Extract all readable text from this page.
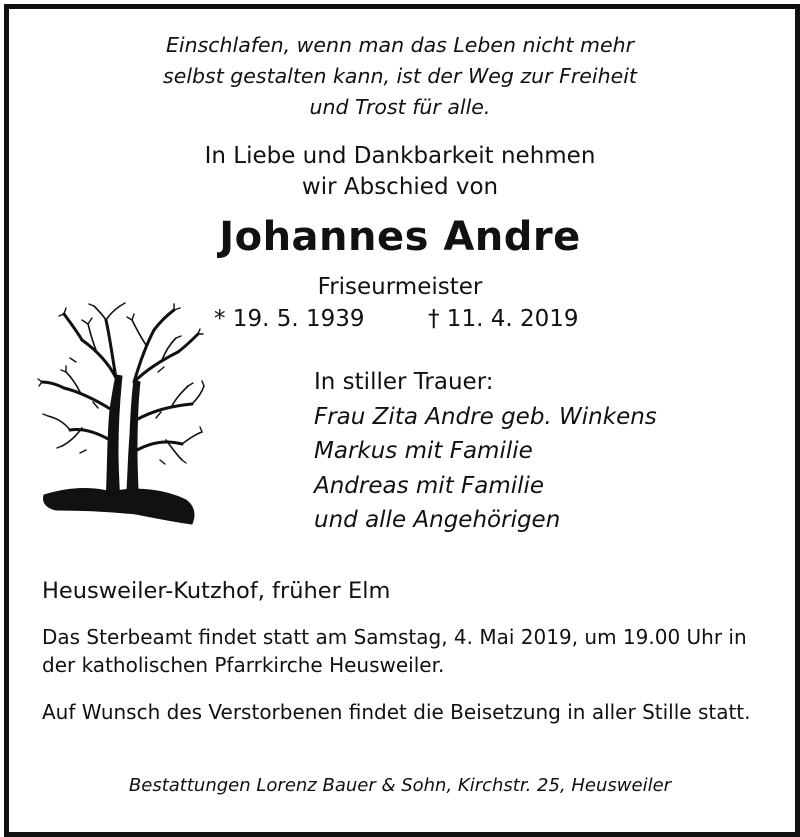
Einschlafen, wenn man das Leben nicht mehr
selbst gestalten kann, ist der Weg zur Freiheit
und Trost für alle.
In Liebe und Dankbarkeit nehmen
wir Abschied von
Johannes Andre
Friseurmeister
* 19. 5. 1939	† 11. 4. 2019
In stiller Trauer:
Frau Zita Andre geb. Winkens
Markus mit Familie
Andreas mit Familie
und alle Angehörigen
Heusweiler-Kutzhof, früher Elm

Das Sterbeamt findet statt am Samstag, 4. Mai 2019, um 19.00 Uhr in der katholischen Pfarrkirche Heusweiler.

Auf Wunsch des Verstorbenen findet die Beisetzung in aller Stille statt.

Bestattungen Lorenz Bauer & Sohn, Kirchstr. 25, Heusweiler
